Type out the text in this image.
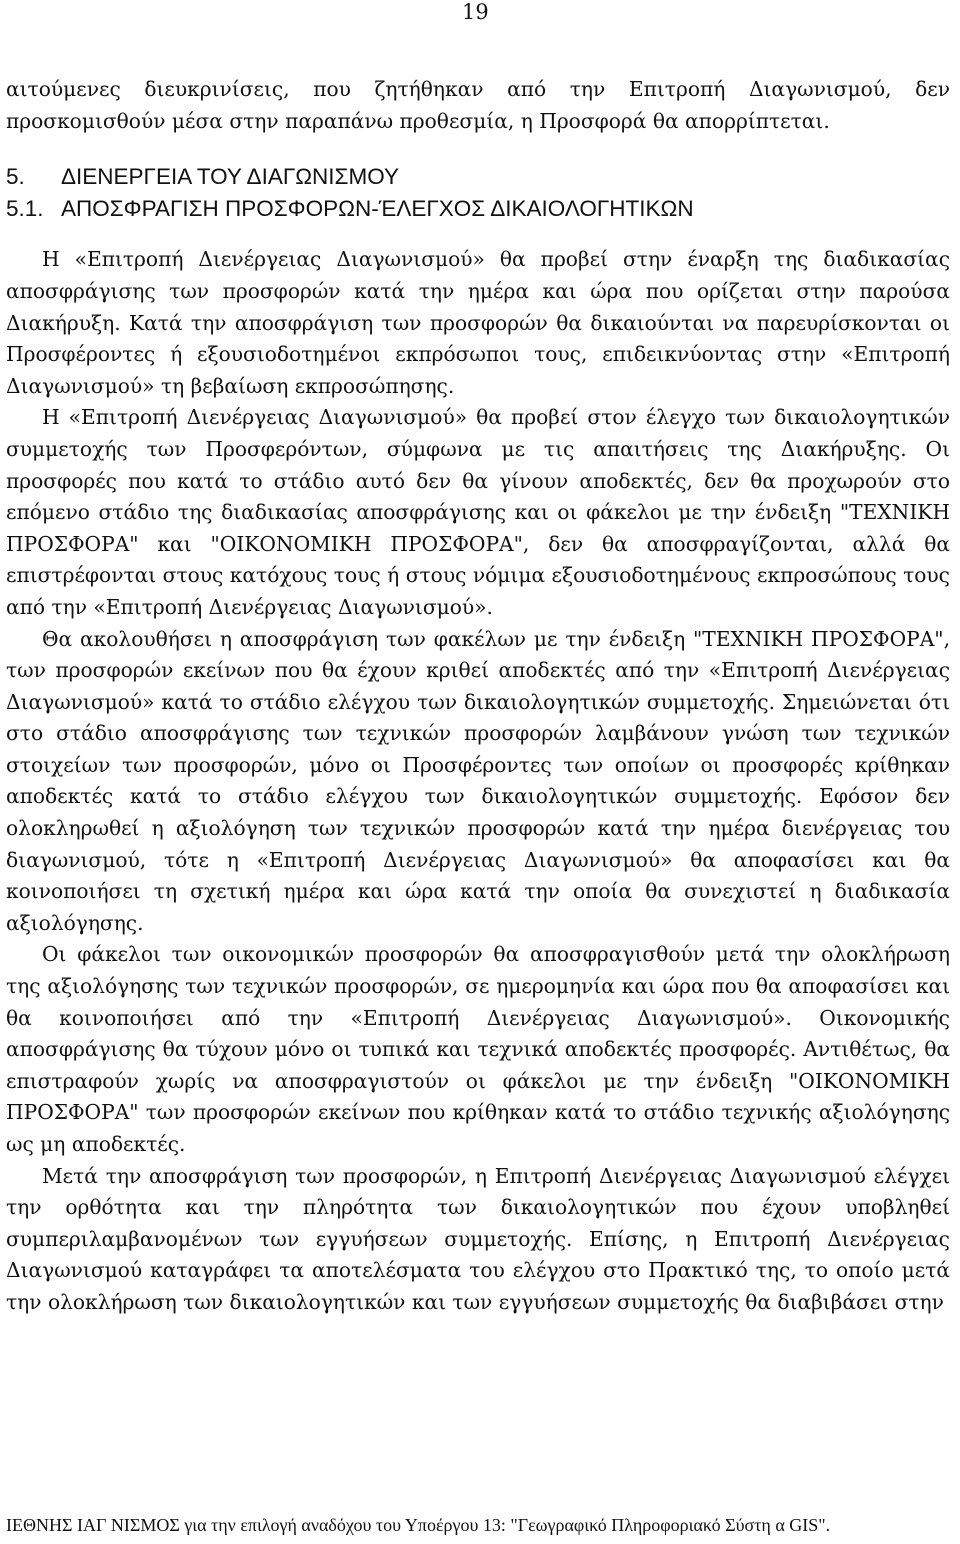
19

αιτούμενες διευκρινίσεις, που ζητήθηκαν από την Επιτροπή Διαγωνισμού, δεν προσκομισθούν μέσα στην παραπάνω προθεσμία, η Προσφορά θα απορρίπτεται.

5. ΔΙΕΝΕΡΓΕΙΑ ΤΟΥ ΔΙΑΓΩΝΙΣΜΟΥ
5.1. ΑΠΟΣΦΡΑΓΙΣΗ ΠΡΟΣΦΟΡΩΝ-ΈΛΕΓΧΟΣ ΔΙΚΑΙΟΛΟΓΗΤΙΚΩΝ

Η «Επιτροπή Διενέργειας Διαγωνισμού» θα προβεί στην έναρξη της διαδικασίας αποσφράγισης των προσφορών κατά την ημέρα και ώρα που ορίζεται στην παρούσα Διακήρυξη. Κατά την αποσφράγιση των προσφορών θα δικαιούνται να παρευρίσκονται οι Προσφέροντες ή εξουσιοδοτημένοι εκπρόσωποι τους, επιδεικνύοντας στην «Επιτροπή Διαγωνισμού» τη βεβαίωση εκπροσώπησης.

Η «Επιτροπή Διενέργειας Διαγωνισμού» θα προβεί στον έλεγχο των δικαιολογητικών συμμετοχής των Προσφερόντων, σύμφωνα με τις απαιτήσεις της Διακήρυξης. Οι προσφορές που κατά το στάδιο αυτό δεν θα γίνουν αποδεκτές, δεν θα προχωρούν στο επόμενο στάδιο της διαδικασίας αποσφράγισης και οι φάκελοι με την ένδειξη "ΤΕΧΝΙΚΗ ΠΡΟΣΦΟΡΑ" και "ΟΙΚΟΝΟΜΙΚΗ ΠΡΟΣΦΟΡΑ", δεν θα αποσφραγίζονται, αλλά θα επιστρέφονται στους κατόχους τους ή στους νόμιμα εξουσιοδοτημένους εκπροσώπους τους από την «Επιτροπή Διενέργειας Διαγωνισμού».

Θα ακολουθήσει η αποσφράγιση των φακέλων με την ένδειξη "ΤΕΧΝΙΚΗ ΠΡΟΣΦΟΡΑ", των προσφορών εκείνων που θα έχουν κριθεί αποδεκτές από την «Επιτροπή Διενέργειας Διαγωνισμού» κατά το στάδιο ελέγχου των δικαιολογητικών συμμετοχής. Σημειώνεται ότι στο στάδιο αποσφράγισης των τεχνικών προσφορών λαμβάνουν γνώση των τεχνικών στοιχείων των προσφορών, μόνο οι Προσφέροντες των οποίων οι προσφορές κρίθηκαν αποδεκτές κατά το στάδιο ελέγχου των δικαιολογητικών συμμετοχής. Εφόσον δεν ολοκληρωθεί η αξιολόγηση των τεχνικών προσφορών κατά την ημέρα διενέργειας του διαγωνισμού, τότε η «Επιτροπή Διενέργειας Διαγωνισμού» θα αποφασίσει και θα κοινοποιήσει τη σχετική ημέρα και ώρα κατά την οποία θα συνεχιστεί η διαδικασία αξιολόγησης.

Οι φάκελοι των οικονομικών προσφορών θα αποσφραγισθούν μετά την ολοκλήρωση της αξιολόγησης των τεχνικών προσφορών, σε ημερομηνία και ώρα που θα αποφασίσει και θα κοινοποιήσει από την «Επιτροπή Διενέργειας Διαγωνισμού». Οικονομικής αποσφράγισης θα τύχουν μόνο οι τυπικά και τεχνικά αποδεκτές προσφορές. Αντιθέτως, θα επιστραφούν χωρίς να αποσφραγιστούν οι φάκελοι με την ένδειξη "ΟΙΚΟΝΟΜΙΚΗ ΠΡΟΣΦΟΡΑ" των προσφορών εκείνων που κρίθηκαν κατά το στάδιο τεχνικής αξιολόγησης ως μη αποδεκτές.

Μετά την αποσφράγιση των προσφορών, η Επιτροπή Διενέργειας Διαγωνισμού ελέγχει την ορθότητα και την πληρότητα των δικαιολογητικών που έχουν υποβληθεί συμπεριλαμβανομένων των εγγυήσεων συμμετοχής. Επίσης, η Επιτροπή Διενέργειας Διαγωνισμού καταγράφει τα αποτελέσματα του ελέγχου στο Πρακτικό της, το οποίο μετά την ολοκλήρωση των δικαιολογητικών και των εγγυήσεων συμμετοχής θα διαβιβάσει στην

ΙΕΘΝΗΣ ΙΑΓ ΝΙΣΜΟΣ για την επιλογή αναδόχου του Υποέργου 13: "Γεωγραφικό Πληροφοριακό Σύστη α GIS".
